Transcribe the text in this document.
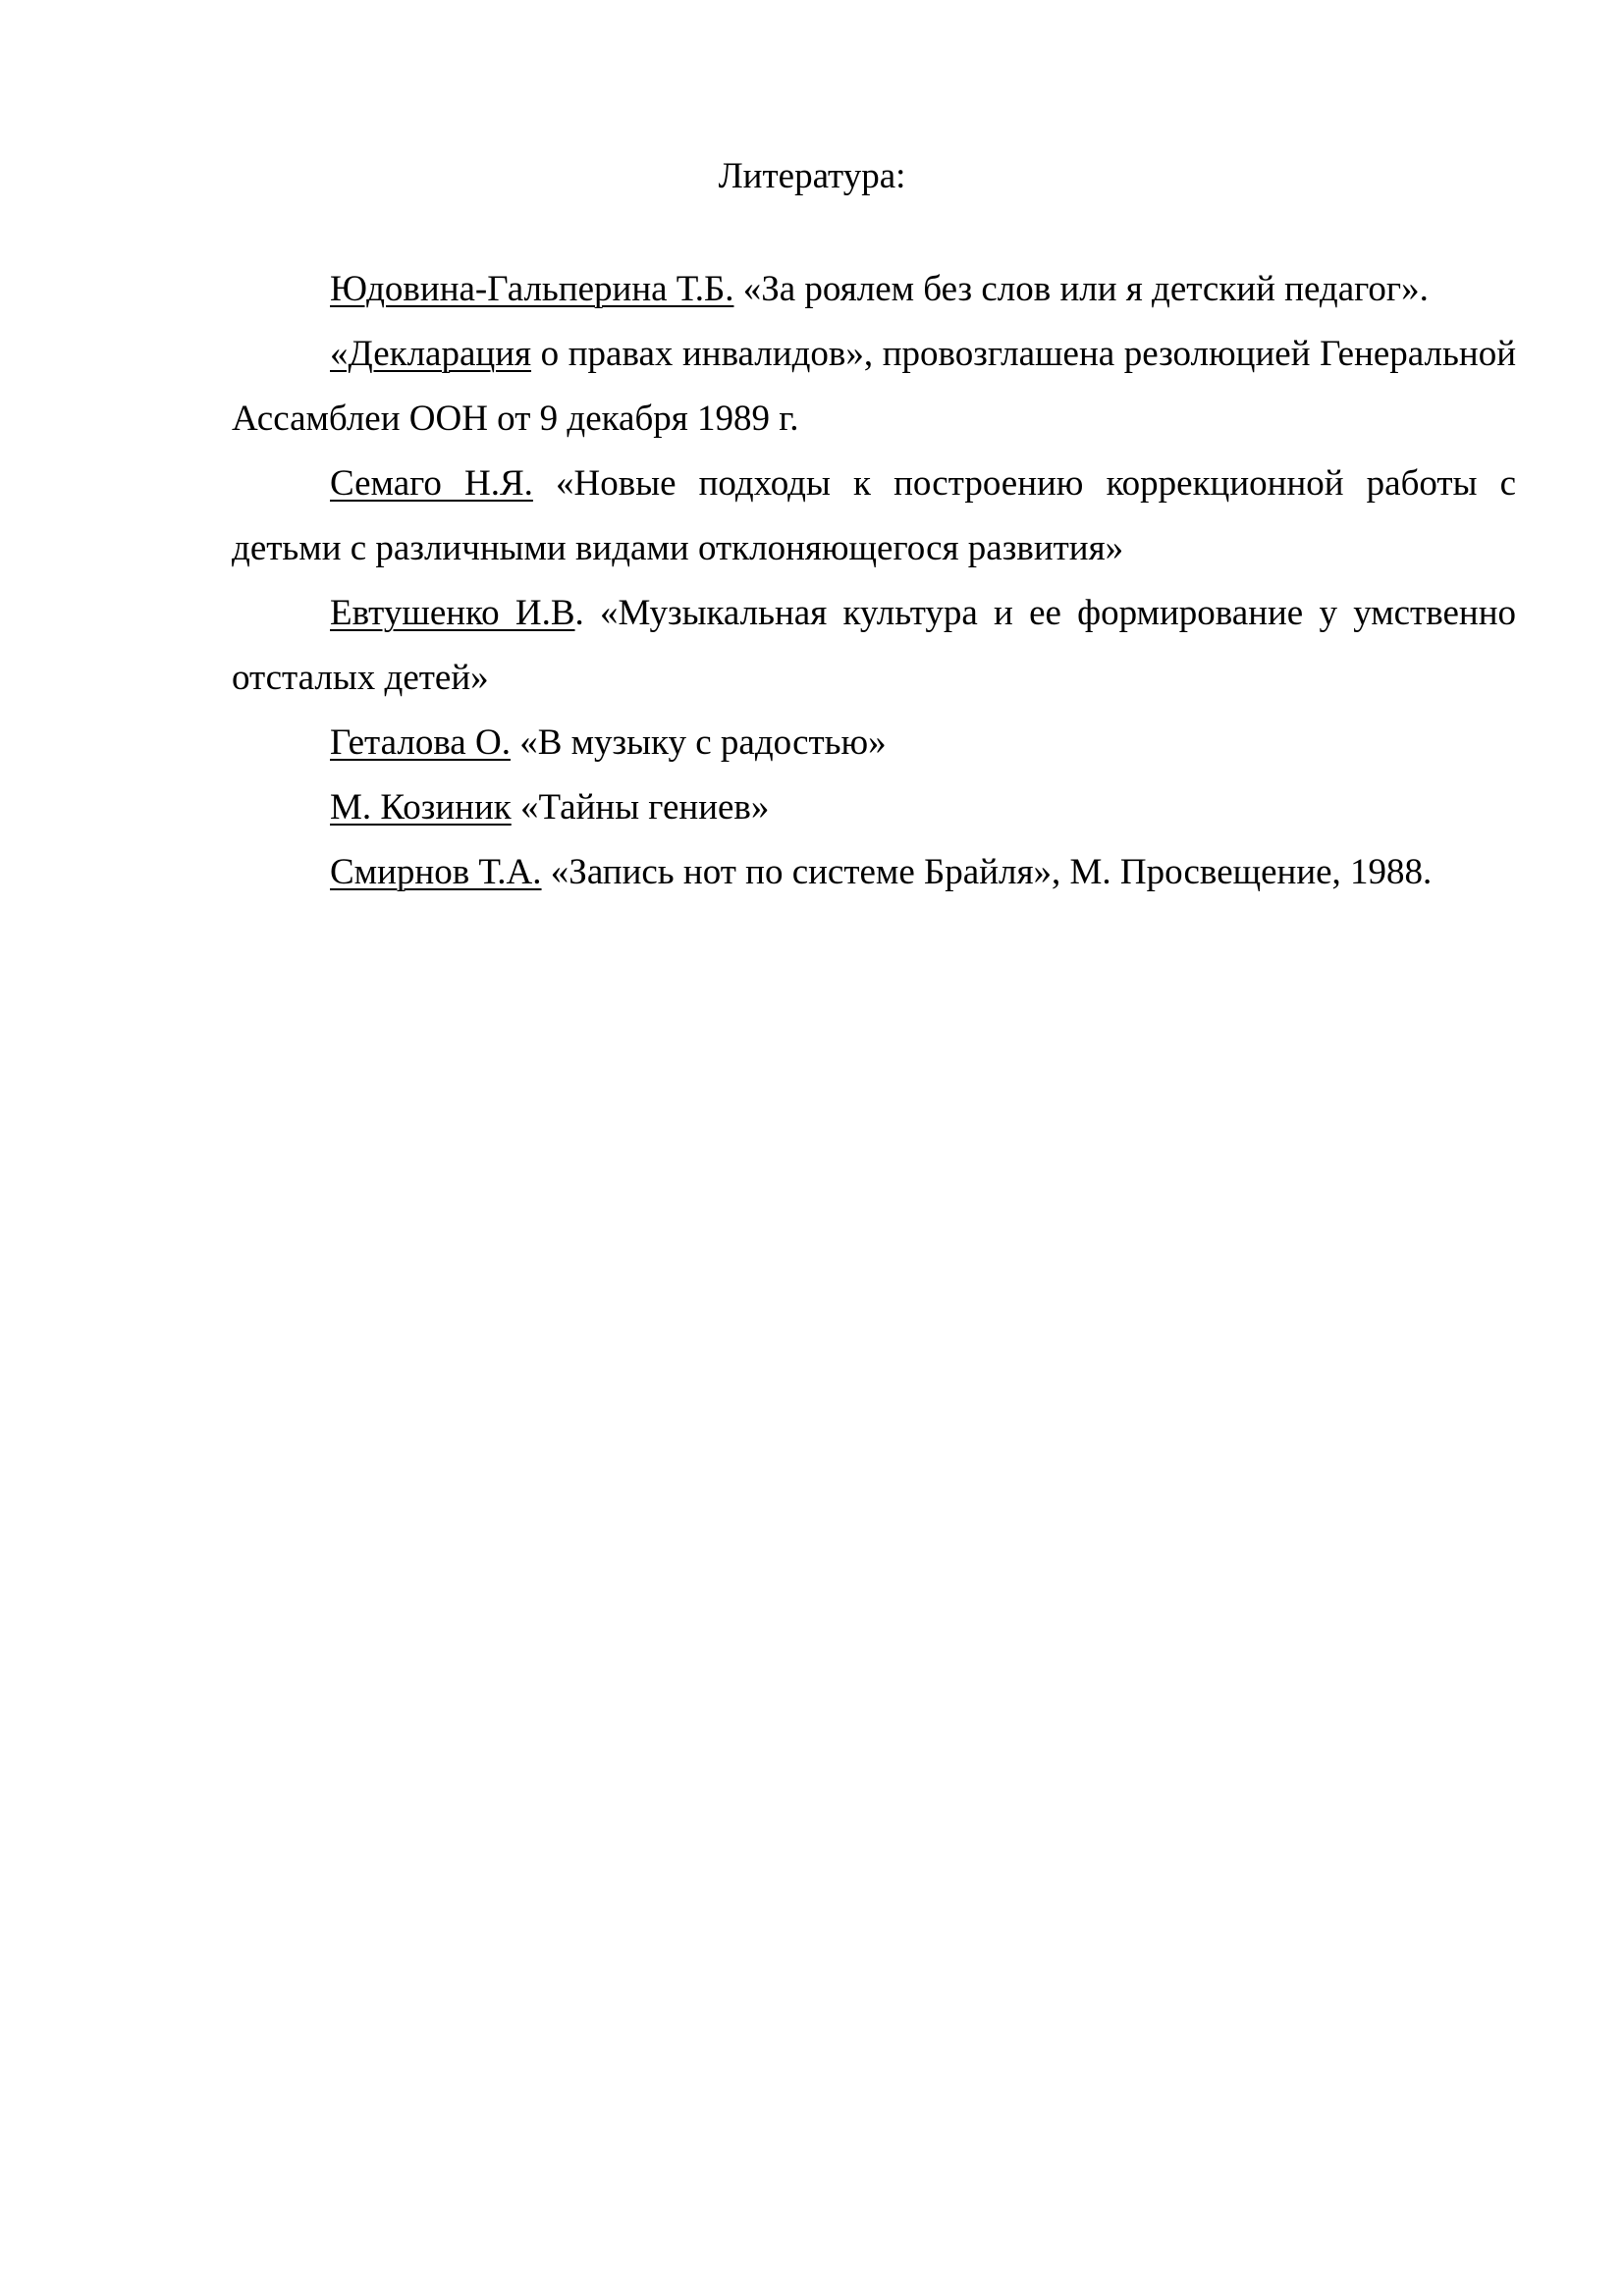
Литература:
Юдовина-Гальперина Т.Б. «За роялем без слов или я детский педагог».
«Декларация о правах инвалидов», провозглашена резолюцией Генеральной Ассамблеи ООН от 9 декабря 1989 г.
Семаго Н.Я. «Новые подходы к построению коррекционной работы с детьми с различными видами отклоняющегося развития»
Евтушенко И.В. «Музыкальная культура и ее формирование у умственно отсталых детей»
Геталова О. «В музыку с радостью»
М. Козиник «Тайны гениев»
Смирнов Т.А. «Запись нот по системе Брайля», М. Просвещение, 1988.
